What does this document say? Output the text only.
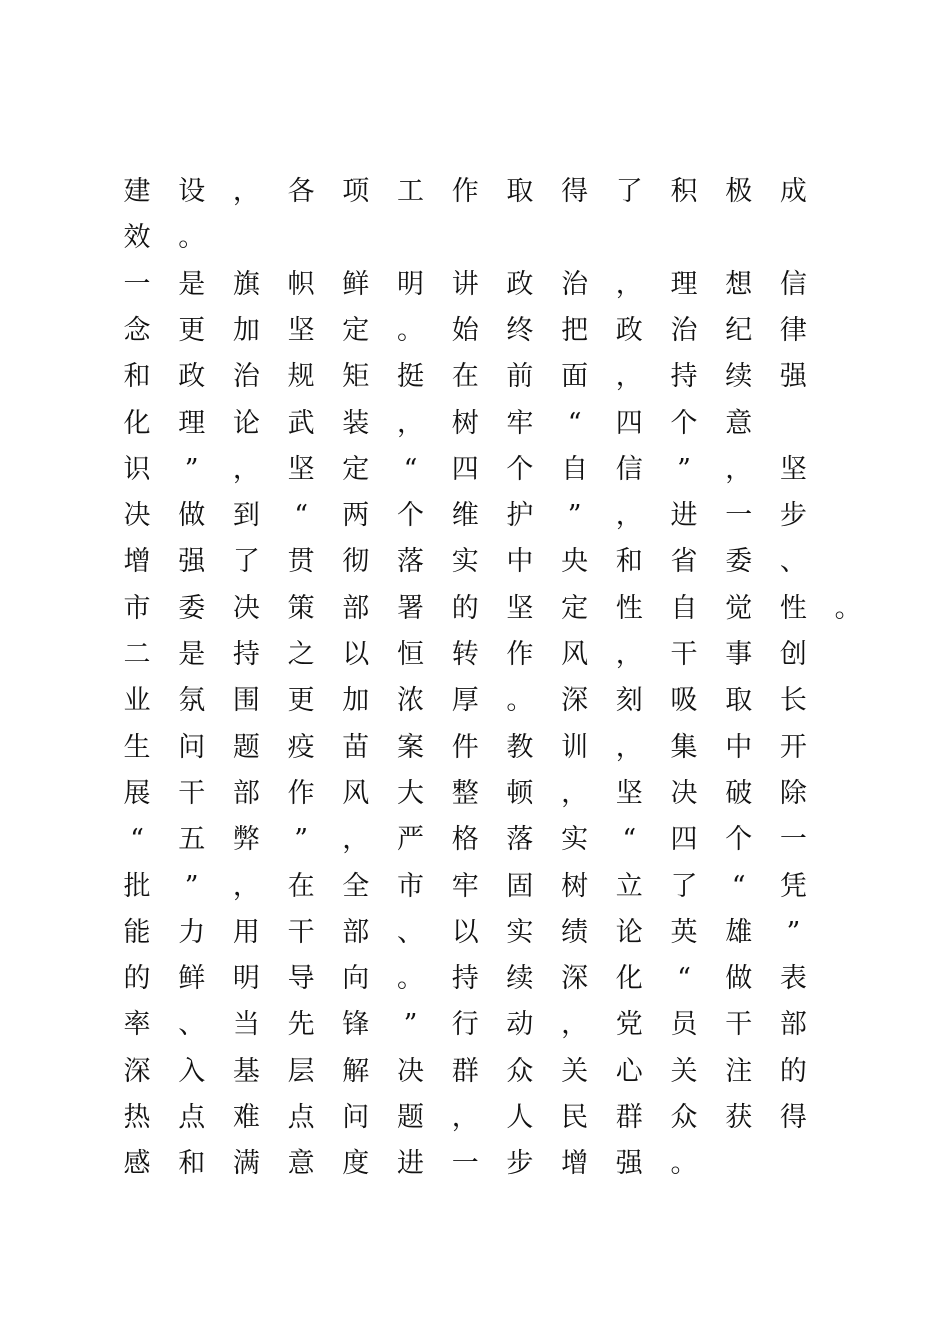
建 设 ， 各 项 工 作 取 得 了 积 极 成
效 。
一 是 旗 帜 鲜 明 讲 政 治 ， 理 想 信
念 更 加 坚 定 。 始 终 把 政 治 纪 律
和 政 治 规 矩 挺 在 前 面 ， 持 续 强
化 理 论 武 装 ， 树 牢	“	四 个 意
识	”	， 坚 定	“	四 个 自 信	”	， 坚
决 做 到	“	两 个 维 护	”	， 进 一 步
增 强 了 贯 彻 落 实 中 央 和 省 委 、
市 委 决 策 部 署 的 坚 定 性 自 觉 性 。
二 是 持 之 以 恒 转 作 风 ， 干 事 创
业 氛 围 更 加 浓 厚 。 深 刻 吸 取 长
生 问 题 疫 苗 案 件 教 训 ， 集 中 开
展 干 部 作 风 大 整 顿 ， 坚 决 破 除
“	五 弊	”	， 严 格 落 实	“	四 个 一
批	”	， 在 全 市 牢 固 树 立 了	“	凭
能 力 用 干 部 、 以 实 绩 论 英 雄	”
的 鲜 明 导 向 。 持 续 深 化	“	做 表
率 、 当 先 锋	”	行 动 ， 党 员 干 部
深 入 基 层 解 决 群 众 关 心 关 注 的
热 点 难 点 问 题 ， 人 民 群 众 获 得
感 和 满 意 度 进 一 步 增 强 。
